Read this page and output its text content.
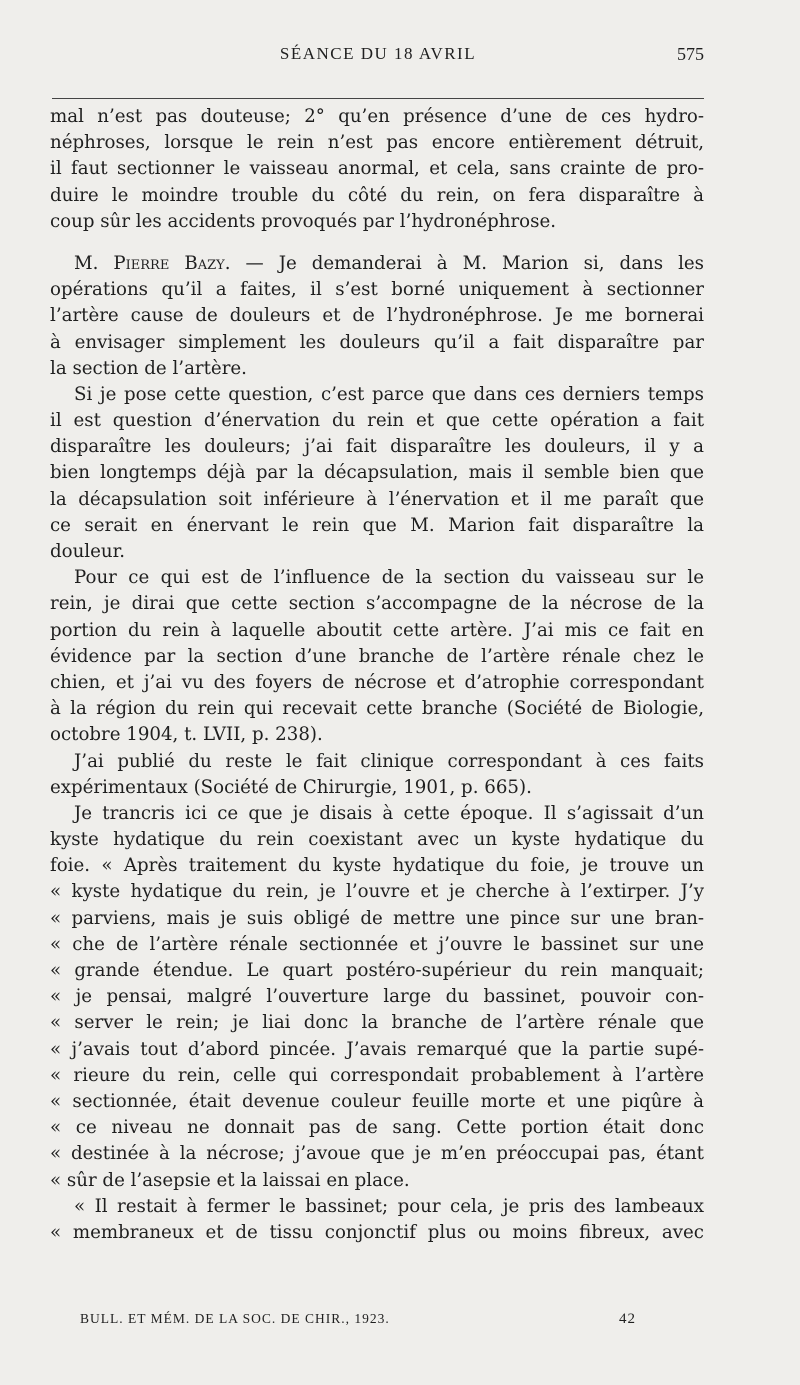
SÉANCE DU 18 AVRIL	575
mal n’est pas douteuse; 2° qu’en présence d’une de ces hydro-
néphroses, lorsque le rein n’est pas encore entièrement détruit,
il faut sectionner le vaisseau anormal, et cela, sans crainte de pro-
duire le moindre trouble du côté du rein, on fera disparaître à
coup sûr les accidents provoqués par l’hydronéphrose.
M. Pierre Bazy. — Je demanderai à M. Marion si, dans les
opérations qu’il a faites, il s’est borné uniquement à sectionner
l’artère cause de douleurs et de l’hydronéphrose. Je me bornerai
à envisager simplement les douleurs qu’il a fait disparaître par
la section de l’artère.
Si je pose cette question, c’est parce que dans ces derniers temps
il est question d’énervation du rein et que cette opération a fait
disparaître les douleurs; j’ai fait disparaître les douleurs, il y a
bien longtemps déjà par la décapsulation, mais il semble bien que
la décapsulation soit inférieure à l’énervation et il me paraît que
ce serait en énervant le rein que M. Marion fait disparaître la
douleur.
Pour ce qui est de l’influence de la section du vaisseau sur le
rein, je dirai que cette section s’accompagne de la nécrose de la
portion du rein à laquelle aboutit cette artère. J’ai mis ce fait en
évidence par la section d’une branche de l’artère rénale chez le
chien, et j’ai vu des foyers de nécrose et d’atrophie correspondant
à la région du rein qui recevait cette branche (Société de Biologie,
octobre 1904, t. LVII, p. 238).
J’ai publié du reste le fait clinique correspondant à ces faits
expérimentaux (Société de Chirurgie, 1901, p. 665).
Je trancris ici ce que je disais à cette époque. Il s’agissait d’un
kyste hydatique du rein coexistant avec un kyste hydatique du
foie. « Après traitement du kyste hydatique du foie, je trouve un
« kyste hydatique du rein, je l’ouvre et je cherche à l’extirper. J’y
« parviens, mais je suis obligé de mettre une pince sur une bran-
« che de l’artère rénale sectionnée et j’ouvre le bassinet sur une
« grande étendue. Le quart postéro-supérieur du rein manquait;
« je pensai, malgré l’ouverture large du bassinet, pouvoir con-
« server le rein; je liai donc la branche de l’artère rénale que
« j’avais tout d’abord pincée. J’avais remarqué que la partie supé-
« rieure du rein, celle qui correspondait probablement à l’artère
« sectionnée, était devenue couleur feuille morte et une piqûre à
« ce niveau ne donnait pas de sang. Cette portion était donc
« destinée à la nécrose; j’avoue que je m’en préoccupai pas, étant
« sûr de l’asepsie et la laissai en place.
« Il restait à fermer le bassinet; pour cela, je pris des lambeaux
« membraneux et de tissu conjonctif plus ou moins fibreux, avec
BULL. ET MÉM. DE LA SOC. DE CHIR., 1923.	42
